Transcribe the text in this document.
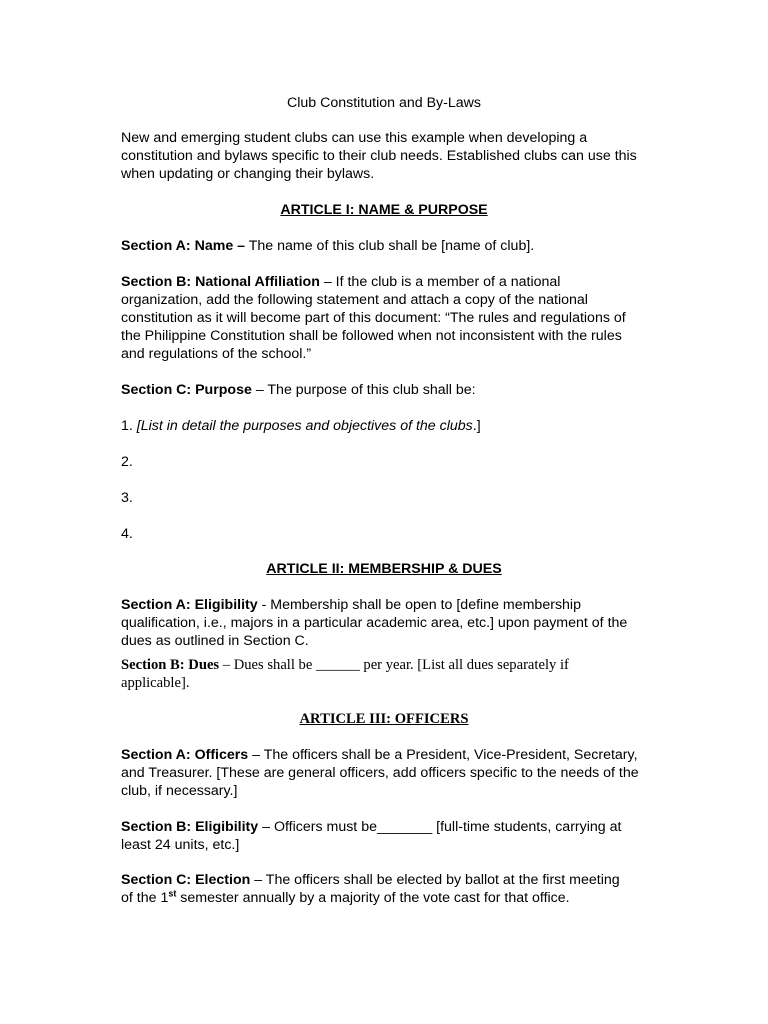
Club Constitution and By-Laws

New and emerging student clubs can use this example when developing a constitution and bylaws specific to their club needs. Established clubs can use this when updating or changing their bylaws.

ARTICLE I: NAME & PURPOSE

Section A: Name – The name of this club shall be [name of club].

Section B: National Affiliation – If the club is a member of a national organization, add the following statement and attach a copy of the national constitution as it will become part of this document: “The rules and regulations of the Philippine Constitution shall be followed when not inconsistent with the rules and regulations of the school.”

Section C: Purpose – The purpose of this club shall be:

1. [List in detail the purposes and objectives of the clubs.]

2.

3.

4.

ARTICLE II: MEMBERSHIP & DUES

Section A: Eligibility - Membership shall be open to [define membership qualification, i.e., majors in a particular academic area, etc.] upon payment of the dues as outlined in Section C.

Section B: Dues – Dues shall be ______ per year. [List all dues separately if applicable].

ARTICLE III: OFFICERS

Section A: Officers – The officers shall be a President, Vice-President, Secretary, and Treasurer. [These are general officers, add officers specific to the needs of the club, if necessary.]

Section B: Eligibility – Officers must be_______ [full-time students, carrying at least 24 units, etc.]

Section C: Election – The officers shall be elected by ballot at the first meeting of the 1st semester annually by a majority of the vote cast for that office.
